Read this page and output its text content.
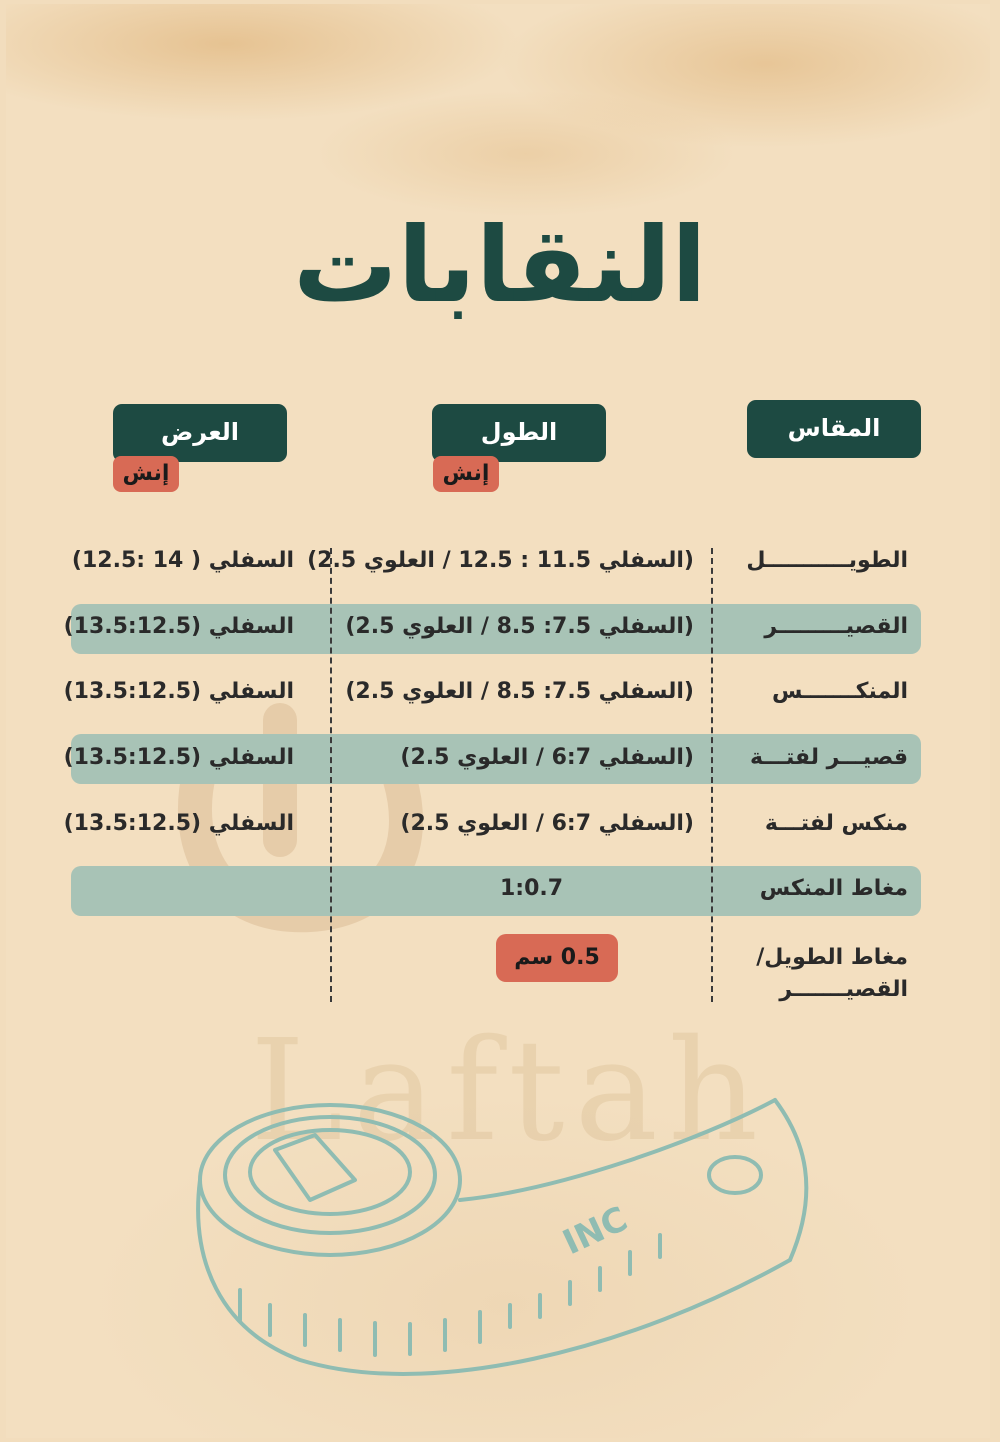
Laftah
النقابات
المقاس
الطول
العرض
إنش
إنش
الطويـــــــــــل
(السفلي 11.5 : 12.5 / العلوي 2.5)
السفلي ( 14 :12.5)
القصيـــــــــر
(السفلي 7.5: 8.5 / العلوي 2.5)
السفلي (13.5:12.5)
المنكـــــــس
(السفلي 7.5: 8.5 / العلوي 2.5)
السفلي (13.5:12.5)
قصيـــر لفتـــة
(السفلي 6:7 / العلوي 2.5)
السفلي (13.5:12.5)
منكس لفتـــة
(السفلي 6:7 / العلوي 2.5)
السفلي (13.5:12.5)
مغاط المنكس
1:0.7
مغاط الطويل/ القصيـــــــر
0.5 سم
INC
